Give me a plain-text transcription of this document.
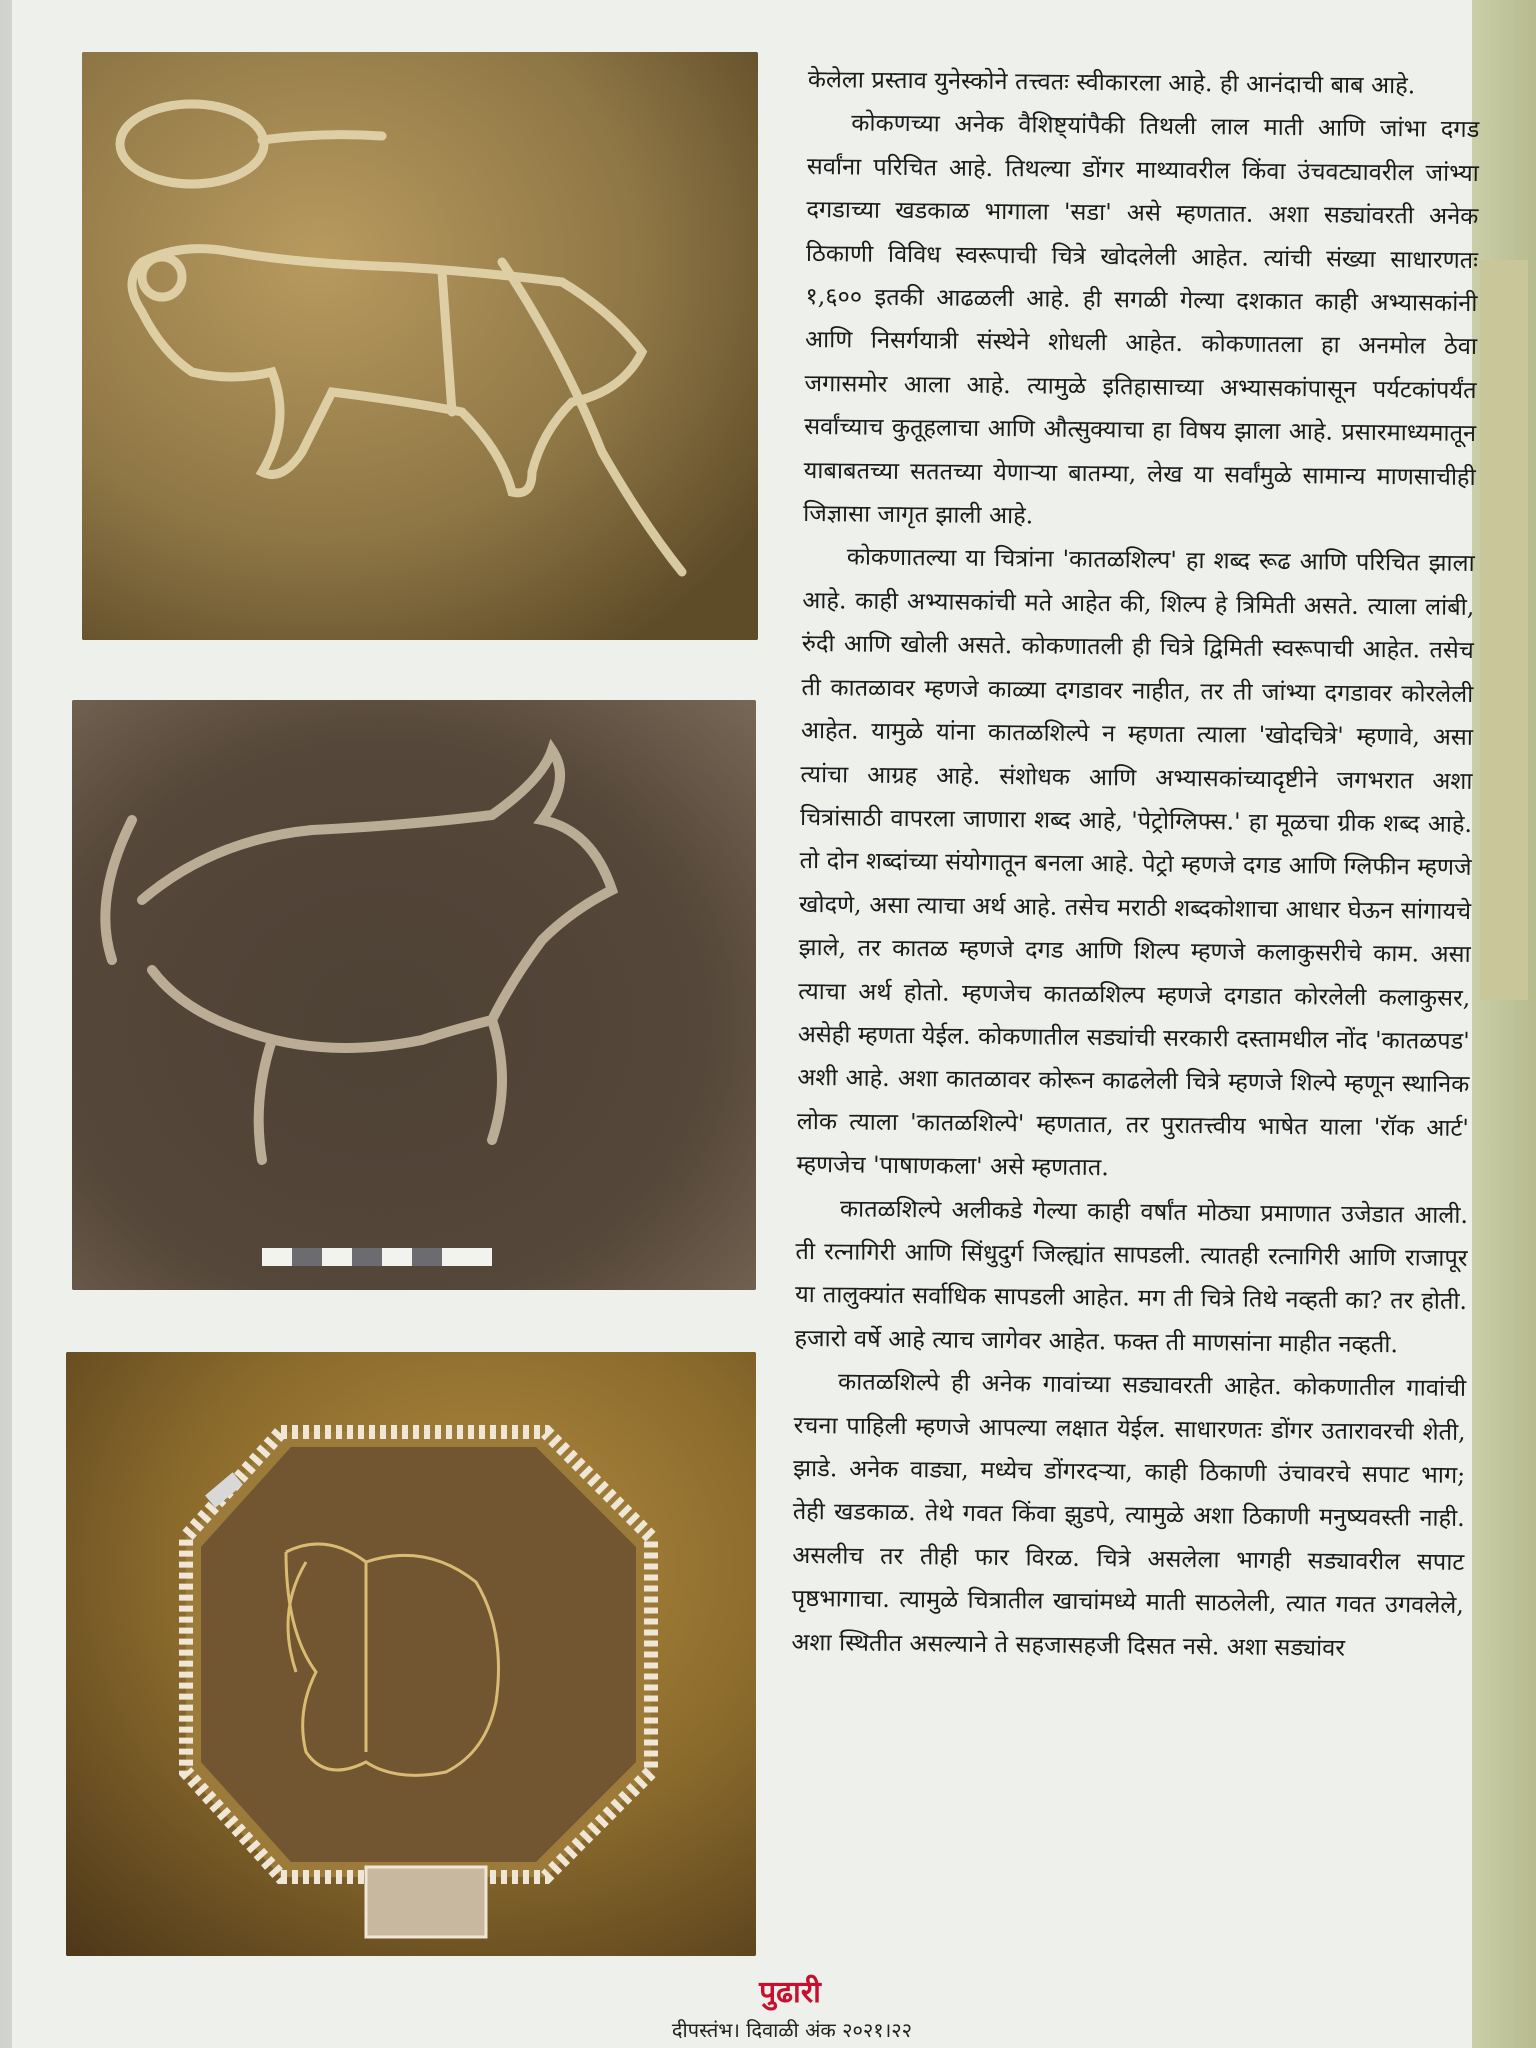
केलेला प्रस्ताव युनेस्कोने तत्त्वतः स्वीकारला आहे. ही आनंदाची बाब आहे.

कोकणच्या अनेक वैशिष्ट्यांपैकी तिथली लाल माती आणि जांभा दगड सर्वांना परिचित आहे. तिथल्या डोंगर माथ्यावरील किंवा उंचवट्यावरील जांभ्या दगडाच्या खडकाळ भागाला 'सडा' असे म्हणतात. अशा सड्यांवरती अनेक ठिकाणी विविध स्वरूपाची चित्रे खोदलेली आहेत. त्यांची संख्या साधारणतः १,६०० इतकी आढळली आहे. ही सगळी गेल्या दशकात काही अभ्यासकांनी आणि निसर्गयात्री संस्थेने शोधली आहेत. कोकणातला हा अनमोल ठेवा जगासमोर आला आहे. त्यामुळे इतिहासाच्या अभ्यासकांपासून पर्यटकांपर्यंत सर्वांच्याच कुतूहलाचा आणि औत्सुक्याचा हा विषय झाला आहे. प्रसारमाध्यमातून याबाबतच्या सततच्या येणाऱ्या बातम्या, लेख या सर्वांमुळे सामान्य माणसाचीही जिज्ञासा जागृत झाली आहे.

कोकणातल्या या चित्रांना 'कातळशिल्प' हा शब्द रूढ आणि परिचित झाला आहे. काही अभ्यासकांची मते आहेत की, शिल्प हे त्रिमिती असते. त्याला लांबी, रुंदी आणि खोली असते. कोकणातली ही चित्रे द्विमिती स्वरूपाची आहेत. तसेच ती कातळावर म्हणजे काळ्या दगडावर नाहीत, तर ती जांभ्या दगडावर कोरलेली आहेत. यामुळे यांना कातळशिल्पे न म्हणता त्याला 'खोदचित्रे' म्हणावे, असा त्यांचा आग्रह आहे. संशोधक आणि अभ्यासकांच्यादृष्टीने जगभरात अशा चित्रांसाठी वापरला जाणारा शब्द आहे, 'पेट्रोग्लिफ्स.' हा मूळचा ग्रीक शब्द आहे. तो दोन शब्दांच्या संयोगातून बनला आहे. पेट्रो म्हणजे दगड आणि ग्लिफीन म्हणजे खोदणे, असा त्याचा अर्थ आहे. तसेच मराठी शब्दकोशाचा आधार घेऊन सांगायचे झाले, तर कातळ म्हणजे दगड आणि शिल्प म्हणजे कलाकुसरीचे काम. असा त्याचा अर्थ होतो. म्हणजेच कातळशिल्प म्हणजे दगडात कोरलेली कलाकुसर, असेही म्हणता येईल. कोकणातील सड्यांची सरकारी दस्तामधील नोंद 'कातळपड' अशी आहे. अशा कातळावर कोरून काढलेली चित्रे म्हणजे शिल्पे म्हणून स्थानिक लोक त्याला 'कातळशिल्पे' म्हणतात, तर पुरातत्त्वीय भाषेत याला 'रॉक आर्ट' म्हणजेच 'पाषाणकला' असे म्हणतात.

कातळशिल्पे अलीकडे गेल्या काही वर्षांत मोठ्या प्रमाणात उजेडात आली. ती रत्नागिरी आणि सिंधुदुर्ग जिल्ह्यांत सापडली. त्यातही रत्नागिरी आणि राजापूर या तालुक्यांत सर्वाधिक सापडली आहेत. मग ती चित्रे तिथे नव्हती का? तर होती. हजारो वर्षे आहे त्याच जागेवर आहेत. फक्त ती माणसांना माहीत नव्हती.

कातळशिल्पे ही अनेक गावांच्या सड्यावरती आहेत. कोकणातील गावांची रचना पाहिली म्हणजे आपल्या लक्षात येईल. साधारणतः डोंगर उतारावरची शेती, झाडे. अनेक वाड्या, मध्येच डोंगरदऱ्या, काही ठिकाणी उंचावरचे सपाट भाग; तेही खडकाळ. तेथे गवत किंवा झुडपे, त्यामुळे अशा ठिकाणी मनुष्यवस्ती नाही. असलीच तर तीही फार विरळ. चित्रे असलेला भागही सड्यावरील सपाट पृष्ठभागाचा. त्यामुळे चित्रातील खाचांमध्ये माती साठलेली, त्यात गवत उगवलेले, अशा स्थितीत असल्याने ते सहजासहजी दिसत नसे. अशा सड्यांवर

पुढारी
दीपस्तंभ। दिवाळी अंक २०२१।२२
